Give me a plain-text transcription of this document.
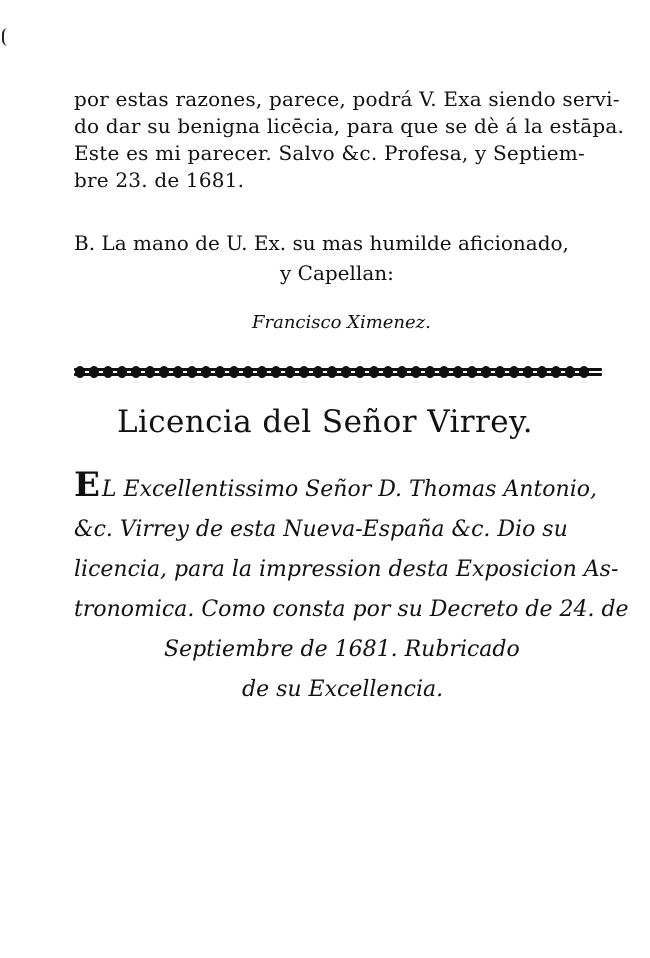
por estas razones, parece, podrá V. Exa siendo servi-
do dar su benigna licēcia, para que se dè á la estāpa.
Este es mi parecer. Salvo &c. Profesa, y Septiem-
bre 23. de 1681.
B. La mano de U. Ex. su mas humilde aficionado,
y Capellan:
Francisco Ximenez.
Licencia del Señor Virrey.
EL Excellentissimo Señor D. Thomas Antonio,
&c. Virrey de esta Nueva-España &c. Dio su
licencia, para la impression desta Exposicion As-
tronomica. Como consta por su Decreto de 24. de
Septiembre de 1681. Rubricado
de su Excellencia.
